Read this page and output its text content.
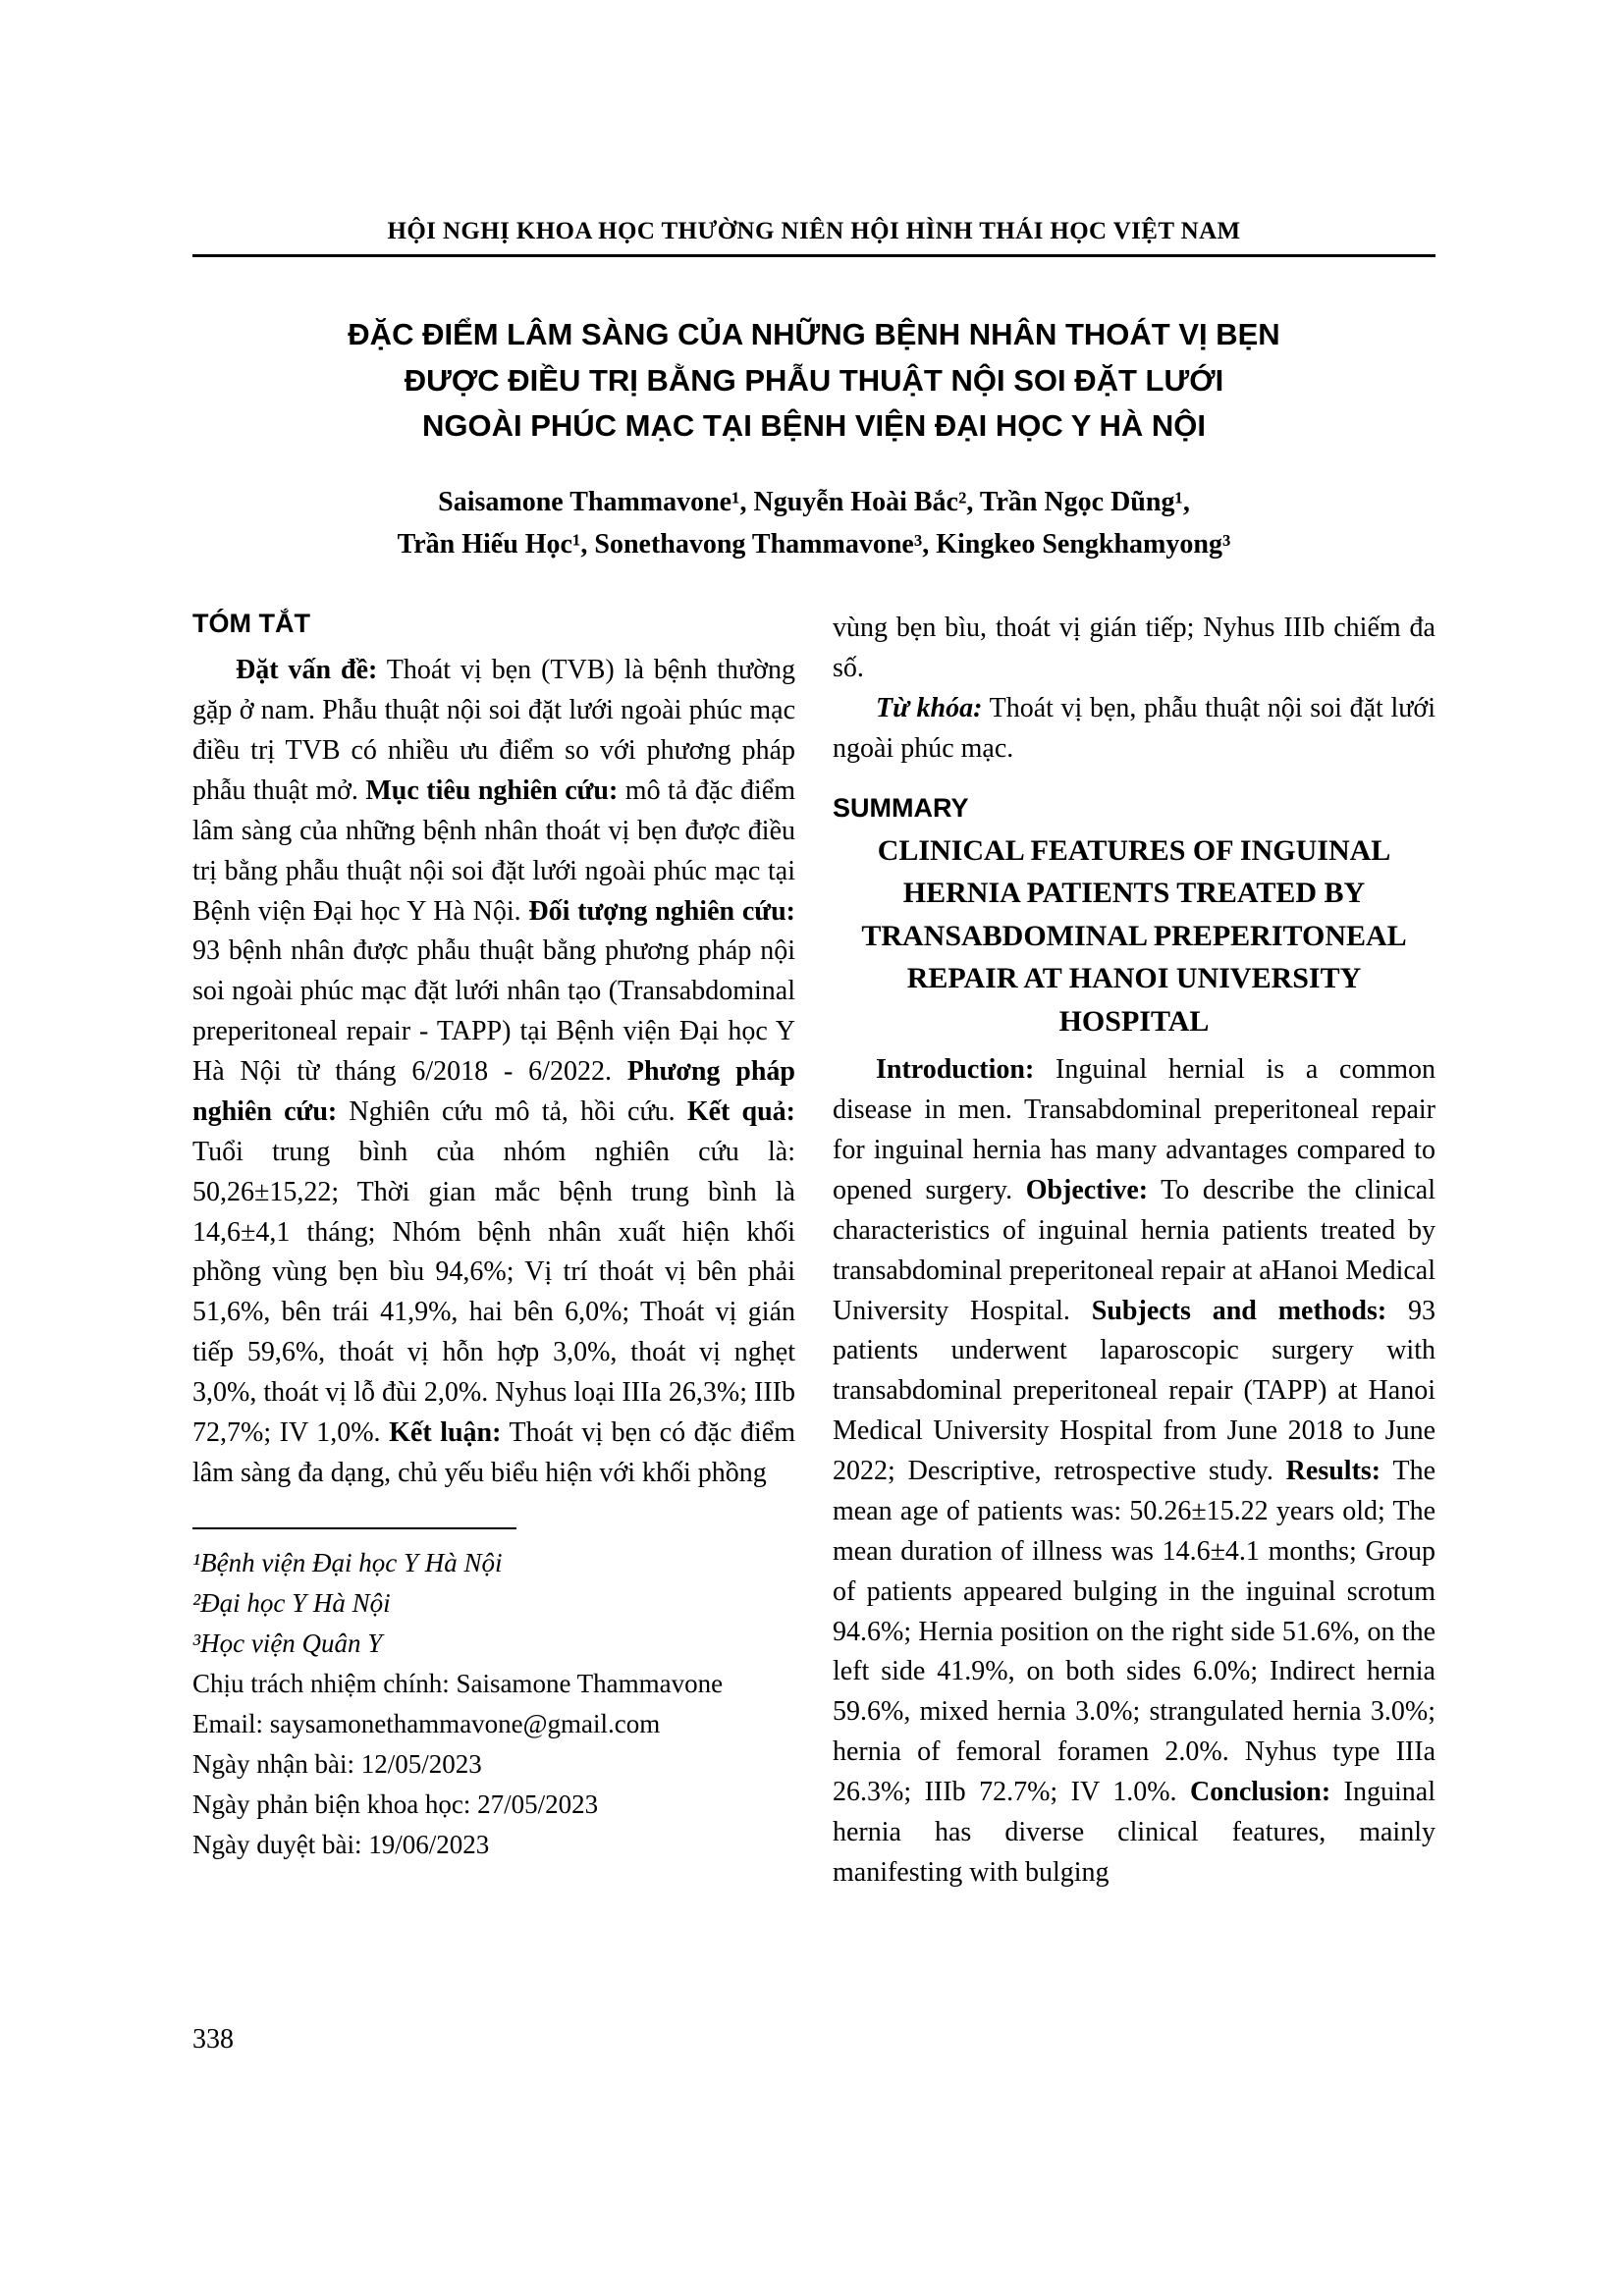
HỘI NGHỊ KHOA HỌC THƯỜNG NIÊN HỘI HÌNH THÁI HỌC VIỆT NAM
ĐẶC ĐIỂM LÂM SÀNG CỦA NHỮNG BỆNH NHÂN THOÁT VỊ BẸN
ĐƯỢC ĐIỀU TRỊ BẰNG PHẪU THUẬT NỘI SOI ĐẶT LƯỚI
NGOÀI PHÚC MẠC TẠI BỆNH VIỆN ĐẠI HỌC Y HÀ NỘI
Saisamone Thammavone¹, Nguyễn Hoài Bắc², Trần Ngọc Dũng¹,
Trần Hiếu Học¹, Sonethavong Thammavone³, Kingkeo Sengkhamyong³
TÓM TẮT

Đặt vấn đề: Thoát vị bẹn (TVB) là bệnh thường gặp ở nam. Phẫu thuật nội soi đặt lưới ngoài phúc mạc điều trị TVB có nhiều ưu điểm so với phương pháp phẫu thuật mở. Mục tiêu nghiên cứu: mô tả đặc điểm lâm sàng của những bệnh nhân thoát vị bẹn được điều trị bằng phẫu thuật nội soi đặt lưới ngoài phúc mạc tại Bệnh viện Đại học Y Hà Nội. Đối tượng nghiên cứu: 93 bệnh nhân được phẫu thuật bằng phương pháp nội soi ngoài phúc mạc đặt lưới nhân tạo (Transabdominal preperitoneal repair - TAPP) tại Bệnh viện Đại học Y Hà Nội từ tháng 6/2018 - 6/2022. Phương pháp nghiên cứu: Nghiên cứu mô tả, hồi cứu. Kết quả: Tuổi trung bình của nhóm nghiên cứu là: 50,26±15,22; Thời gian mắc bệnh trung bình là 14,6±4,1 tháng; Nhóm bệnh nhân xuất hiện khối phồng vùng bẹn bìu 94,6%; Vị trí thoát vị bên phải 51,6%, bên trái 41,9%, hai bên 6,0%; Thoát vị gián tiếp 59,6%, thoát vị hỗn hợp 3,0%, thoát vị nghẹt 3,0%, thoát vị lỗ đùi 2,0%. Nyhus loại IIIa 26,3%; IIIb 72,7%; IV 1,0%. Kết luận: Thoát vị bẹn có đặc điểm lâm sàng đa dạng, chủ yếu biểu hiện với khối phồng

¹Bệnh viện Đại học Y Hà Nội

²Đại học Y Hà Nội

³Học viện Quân Y

Chịu trách nhiệm chính: Saisamone Thammavone

Email: saysamonethammavone@gmail.com

Ngày nhận bài: 12/05/2023

Ngày phản biện khoa học: 27/05/2023

Ngày duyệt bài: 19/06/2023

vùng bẹn bìu, thoát vị gián tiếp; Nyhus IIIb chiếm đa số.

Từ khóa: Thoát vị bẹn, phẫu thuật nội soi đặt lưới ngoài phúc mạc.

SUMMARY
CLINICAL FEATURES OF INGUINAL HERNIA PATIENTS TREATED BY TRANSABDOMINAL PREPERITONEAL REPAIR AT HANOI UNIVERSITY HOSPITAL

Introduction: Inguinal hernial is a common disease in men. Transabdominal preperitoneal repair for inguinal hernia has many advantages compared to opened surgery. Objective: To describe the clinical characteristics of inguinal hernia patients treated by transabdominal preperitoneal repair at aHanoi Medical University Hospital. Subjects and methods: 93 patients underwent laparoscopic surgery with transabdominal preperitoneal repair (TAPP) at Hanoi Medical University Hospital from June 2018 to June 2022; Descriptive, retrospective study. Results: The mean age of patients was: 50.26±15.22 years old; The mean duration of illness was 14.6±4.1 months; Group of patients appeared bulging in the inguinal scrotum 94.6%; Hernia position on the right side 51.6%, on the left side 41.9%, on both sides 6.0%; Indirect hernia 59.6%, mixed hernia 3.0%; strangulated hernia 3.0%; hernia of femoral foramen 2.0%. Nyhus type IIIa 26.3%; IIIb 72.7%; IV 1.0%. Conclusion: Inguinal hernia has diverse clinical features, mainly manifesting with bulging

338
